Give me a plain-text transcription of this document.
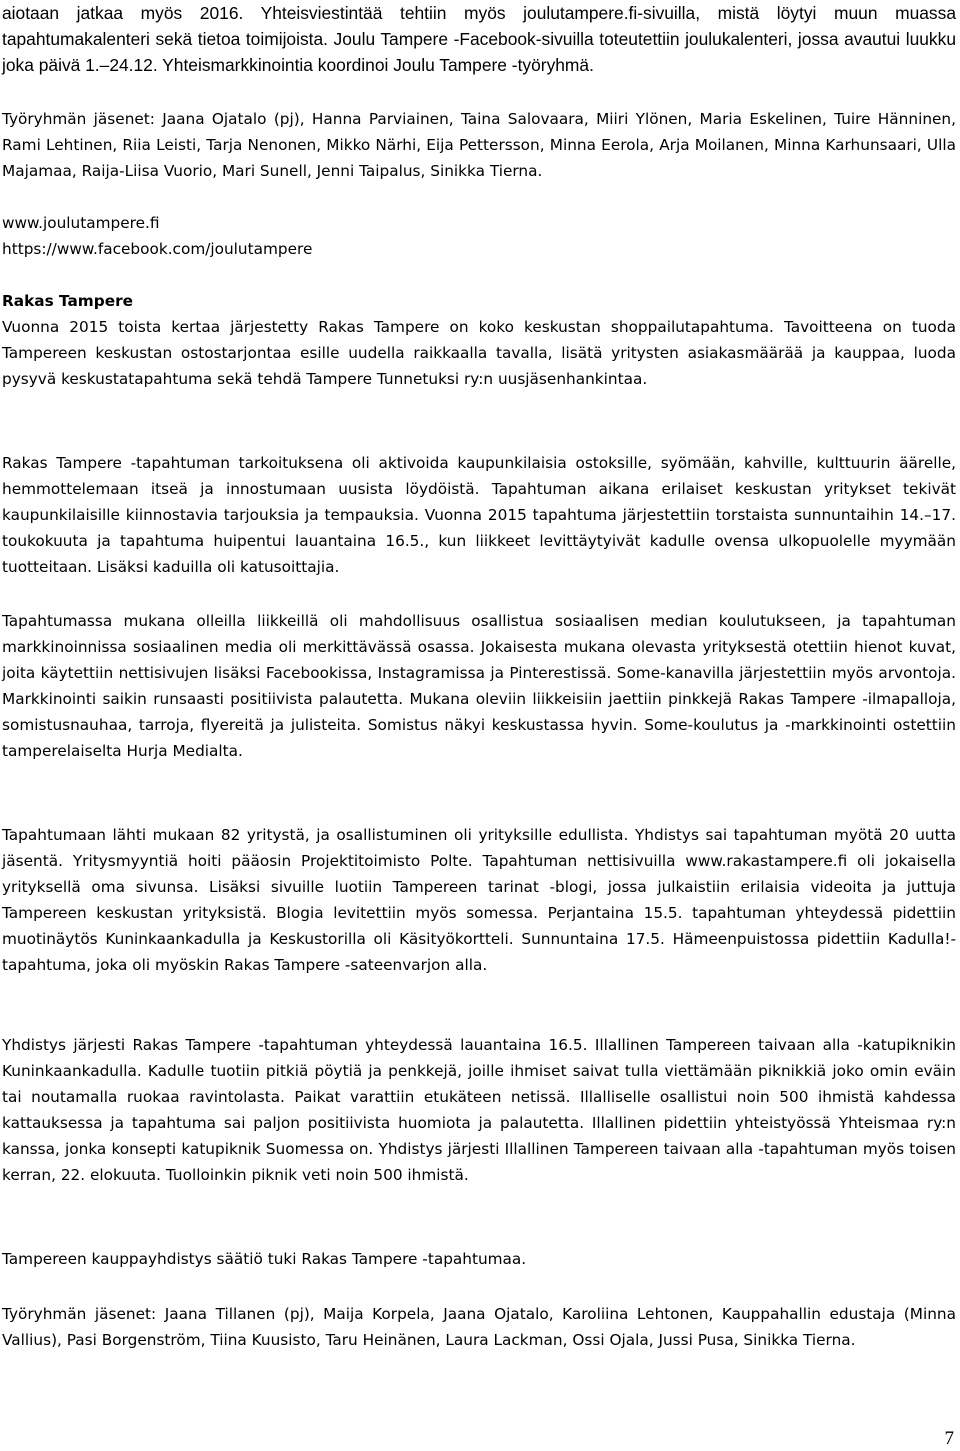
aiotaan jatkaa myös 2016. Yhteisviestintää tehtiin myös joulutampere.fi-sivuilla, mistä löytyi muun muassa tapahtumakalenteri sekä tietoa toimijoista. Joulu Tampere -Facebook-sivuilla toteutettiin joulukalenteri, jossa avautui luukku joka päivä 1.–24.12. Yhteismarkkinointia koordinoi Joulu Tampere -työryhmä.

Työryhmän jäsenet: Jaana Ojatalo (pj), Hanna Parviainen, Taina Salovaara, Miiri Ylönen, Maria Eskelinen, Tuire Hänninen, Rami Lehtinen, Riia Leisti, Tarja Nenonen, Mikko Närhi, Eija Pettersson, Minna Eerola, Arja Moilanen, Minna Karhunsaari, Ulla Majamaa, Raija-Liisa Vuorio, Mari Sunell, Jenni Taipalus, Sinikka Tierna.

www.joulutampere.fi
https://www.facebook.com/joulutampere
Rakas Tampere

Vuonna 2015 toista kertaa järjestetty Rakas Tampere on koko keskustan shoppailutapahtuma. Tavoitteena on tuoda Tampereen keskustan ostostarjontaa esille uudella raikkaalla tavalla, lisätä yritysten asiakasmäärää ja kauppaa, luoda pysyvä keskustatapahtuma sekä tehdä Tampere Tunnetuksi ry:n uusjäsenhankintaa.

Rakas Tampere -tapahtuman tarkoituksena oli aktivoida kaupunkilaisia ostoksille, syömään, kahville, kulttuurin äärelle, hemmottelemaan itseä ja innostumaan uusista löydöistä. Tapahtuman aikana erilaiset keskustan yritykset tekivät kaupunkilaisille kiinnostavia tarjouksia ja tempauksia. Vuonna 2015 tapahtuma järjestettiin torstaista sunnuntaihin 14.–17. toukokuuta ja tapahtuma huipentui lauantaina 16.5., kun liikkeet levittäytyivät kadulle ovensa ulkopuolelle myymään tuotteitaan. Lisäksi kaduilla oli katusoittajia.

Tapahtumassa mukana olleilla liikkeillä oli mahdollisuus osallistua sosiaalisen median koulutukseen, ja tapahtuman markkinoinnissa sosiaalinen media oli merkittävässä osassa. Jokaisesta mukana olevasta yrityksestä otettiin hienot kuvat, joita käytettiin nettisivujen lisäksi Facebookissa, Instagramissa ja Pinterestissä. Some-kanavilla järjestettiin myös arvontoja. Markkinointi saikin runsaasti positiivista palautetta. Mukana oleviin liikkeisiin jaettiin pinkkejä Rakas Tampere -ilmapalloja, somistusnauhaa, tarroja, flyereitä ja julisteita. Somistus näkyi keskustassa hyvin. Some-koulutus ja -markkinointi ostettiin tamperelaiselta Hurja Medialta.

Tapahtumaan lähti mukaan 82 yritystä, ja osallistuminen oli yrityksille edullista. Yhdistys sai tapahtuman myötä 20 uutta jäsentä. Yritysmyyntiä hoiti pääosin Projektitoimisto Polte. Tapahtuman nettisivuilla www.rakastampere.fi oli jokaisella yrityksellä oma sivunsa. Lisäksi sivuille luotiin Tampereen tarinat -blogi, jossa julkaistiin erilaisia videoita ja juttuja Tampereen keskustan yrityksistä. Blogia levitettiin myös somessa. Perjantaina 15.5. tapahtuman yhteydessä pidettiin muotinäytös Kuninkaankadulla ja Keskustorilla oli Käsityökortteli. Sunnuntaina 17.5. Hämeenpuistossa pidettiin Kadulla!-tapahtuma, joka oli myöskin Rakas Tampere -sateenvarjon alla.

Yhdistys järjesti Rakas Tampere -tapahtuman yhteydessä lauantaina 16.5. Illallinen Tampereen taivaan alla -katupiknikin Kuninkaankadulla. Kadulle tuotiin pitkiä pöytiä ja penkkejä, joille ihmiset saivat tulla viettämään piknikkiä joko omin eväin tai noutamalla ruokaa ravintolasta. Paikat varattiin etukäteen netissä. Illalliselle osallistui noin 500 ihmistä kahdessa kattauksessa ja tapahtuma sai paljon positiivista huomiota ja palautetta. Illallinen pidettiin yhteistyössä Yhteismaa ry:n kanssa, jonka konsepti katupiknik Suomessa on. Yhdistys järjesti Illallinen Tampereen taivaan alla -tapahtuman myös toisen kerran, 22. elokuuta. Tuolloinkin piknik veti noin 500 ihmistä.

Tampereen kauppayhdistys säätiö tuki Rakas Tampere -tapahtumaa.

Työryhmän jäsenet: Jaana Tillanen (pj), Maija Korpela, Jaana Ojatalo, Karoliina Lehtonen, Kauppahallin edustaja (Minna Vallius), Pasi Borgenström, Tiina Kuusisto, Taru Heinänen, Laura Lackman, Ossi Ojala, Jussi Pusa, Sinikka Tierna.

7
